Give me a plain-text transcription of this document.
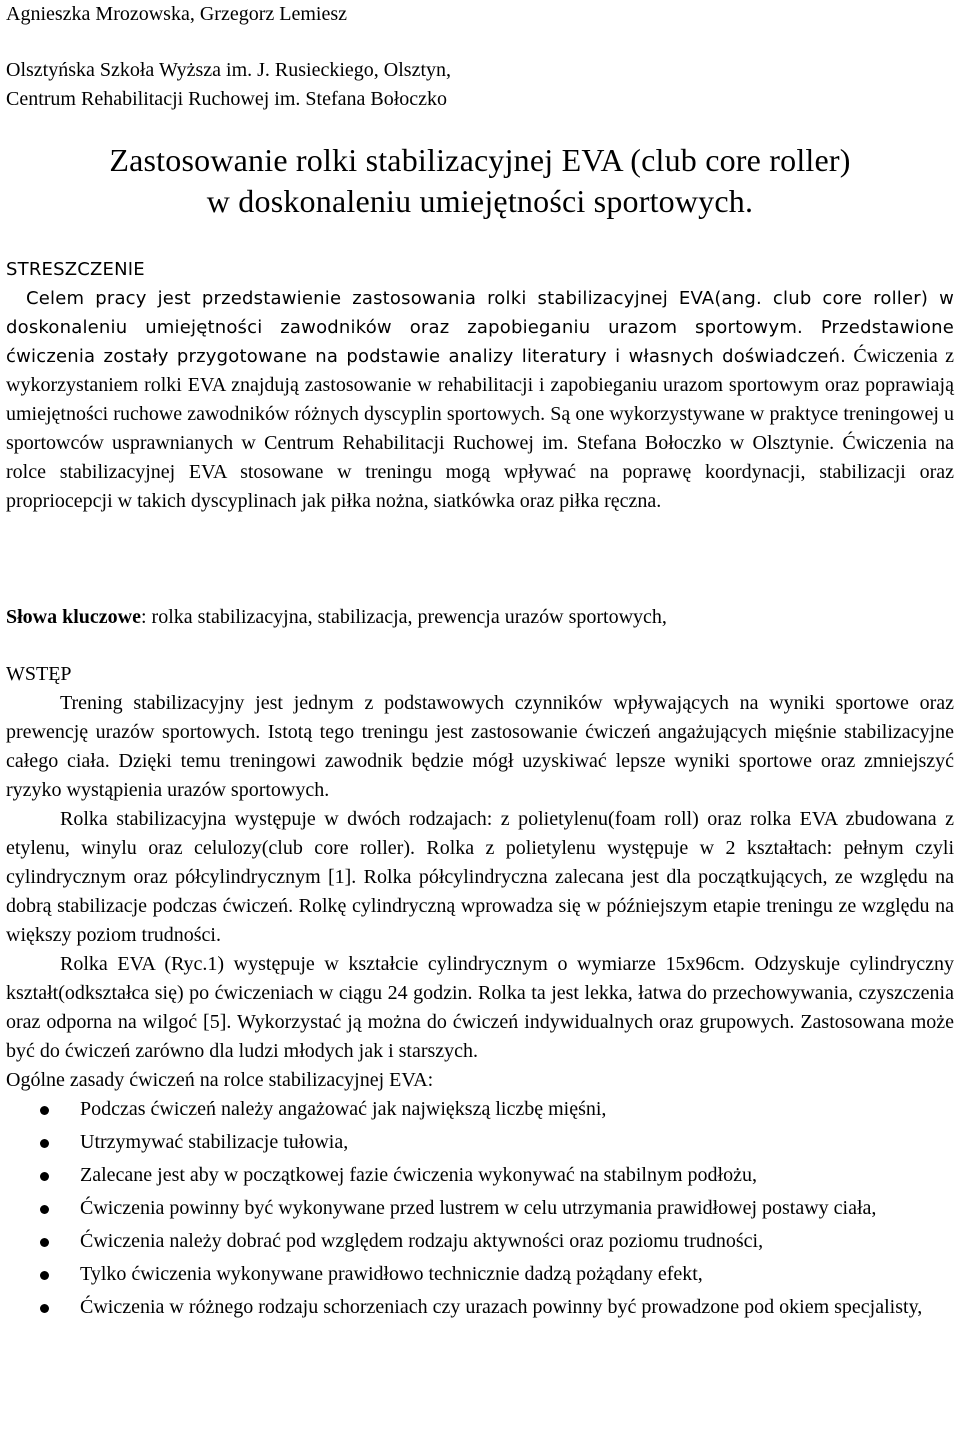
Agnieszka Mrozowska, Grzegorz Lemiesz

Olsztyńska Szkoła Wyższa im. J. Rusieckiego, Olsztyn,

Centrum Rehabilitacji Ruchowej im. Stefana Bołoczko

Zastosowanie rolki stabilizacyjnej EVA (club core roller)
w doskonaleniu umiejętności sportowych.

STRESZCZENIE

Celem pracy jest przedstawienie zastosowania rolki stabilizacyjnej EVA(ang. club core roller) w doskonaleniu umiejętności zawodników oraz zapobieganiu urazom sportowym. Przedstawione ćwiczenia zostały przygotowane na podstawie analizy literatury i własnych doświadczeń. Ćwiczenia z wykorzystaniem rolki EVA znajdują zastosowanie w rehabilitacji i zapobieganiu urazom sportowym oraz poprawiają umiejętności ruchowe zawodników różnych dyscyplin sportowych. Są one wykorzystywane w praktyce treningowej u sportowców usprawnianych w Centrum Rehabilitacji Ruchowej im. Stefana Bołoczko w Olsztynie. Ćwiczenia na rolce stabilizacyjnej EVA stosowane w treningu mogą wpływać na poprawę koordynacji, stabilizacji oraz propriocepcji w takich dyscyplinach jak piłka nożna, siatkówka oraz piłka ręczna.

Słowa kluczowe: rolka stabilizacyjna, stabilizacja, prewencja urazów sportowych,

WSTĘP

Trening stabilizacyjny jest jednym z podstawowych czynników wpływających na wyniki sportowe oraz prewencję urazów sportowych. Istotą tego treningu jest zastosowanie ćwiczeń angażujących mięśnie stabilizacyjne całego ciała. Dzięki temu treningowi zawodnik będzie mógł uzyskiwać lepsze wyniki sportowe oraz zmniejszyć ryzyko wystąpienia urazów sportowych.

Rolka stabilizacyjna występuje w dwóch rodzajach: z polietylenu(foam roll) oraz rolka EVA zbudowana z etylenu, winylu oraz celulozy(club core roller). Rolka z polietylenu występuje w 2 kształtach: pełnym czyli cylindrycznym oraz półcylindrycznym [1]. Rolka półcylindryczna zalecana jest dla początkujących, ze względu na dobrą stabilizacje podczas ćwiczeń. Rolkę cylindryczną wprowadza się w późniejszym etapie treningu ze względu na większy poziom trudności.

Rolka EVA (Ryc.1) występuje w kształcie cylindrycznym o wymiarze 15x96cm. Odzyskuje cylindryczny kształt(odkształca się) po ćwiczeniach w ciągu 24 godzin. Rolka ta jest lekka, łatwa do przechowywania, czyszczenia oraz odporna na wilgoć [5]. Wykorzystać ją można do ćwiczeń indywidualnych oraz grupowych. Zastosowana może być do ćwiczeń zarówno dla ludzi młodych jak i starszych.

Ogólne zasady ćwiczeń na rolce stabilizacyjnej EVA:

Podczas ćwiczeń należy angażować jak największą liczbę mięśni,
Utrzymywać stabilizacje tułowia,
Zalecane jest aby w początkowej fazie ćwiczenia wykonywać na stabilnym podłożu,
Ćwiczenia powinny być wykonywane przed lustrem w celu utrzymania prawidłowej postawy ciała,
Ćwiczenia należy dobrać pod względem rodzaju aktywności oraz poziomu trudności,
Tylko ćwiczenia wykonywane prawidłowo technicznie dadzą pożądany efekt,
Ćwiczenia w różnego rodzaju schorzeniach czy urazach powinny być prowadzone pod okiem specjalisty,
